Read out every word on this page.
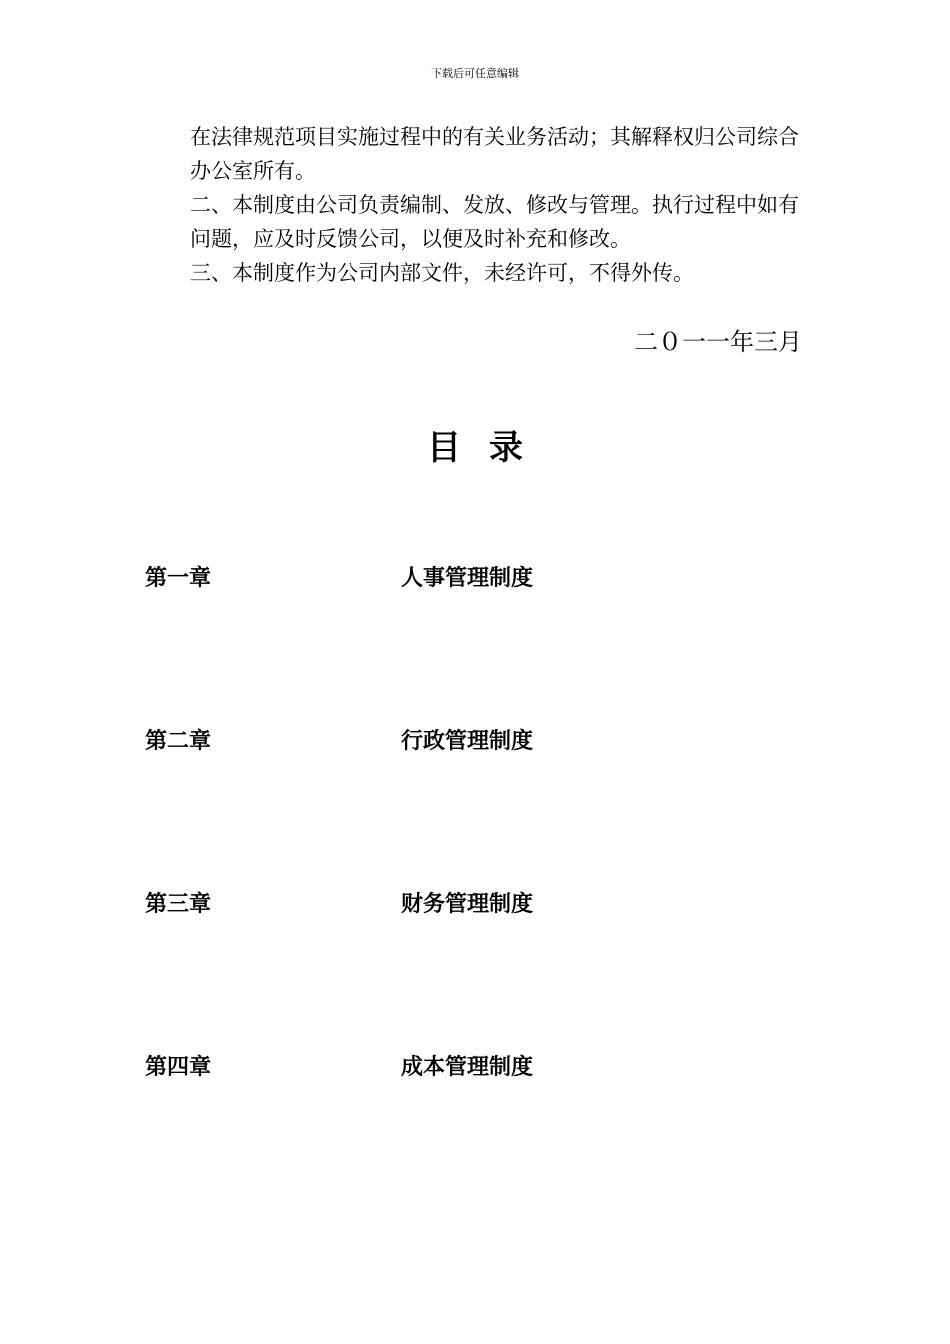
下载后可任意编辑

在法律规范项目实施过程中的有关业务活动；其解释权归公司综合办公室所有。

二、本制度由公司负责编制、发放、修改与管理。执行过程中如有问题，应及时反馈公司，以便及时补充和修改。

三、本制度作为公司内部文件，未经许可，不得外传。

二０一一年三月
目录
第一章	人事管理制度
第二章	行政管理制度
第三章	财务管理制度
第四章	成本管理制度
